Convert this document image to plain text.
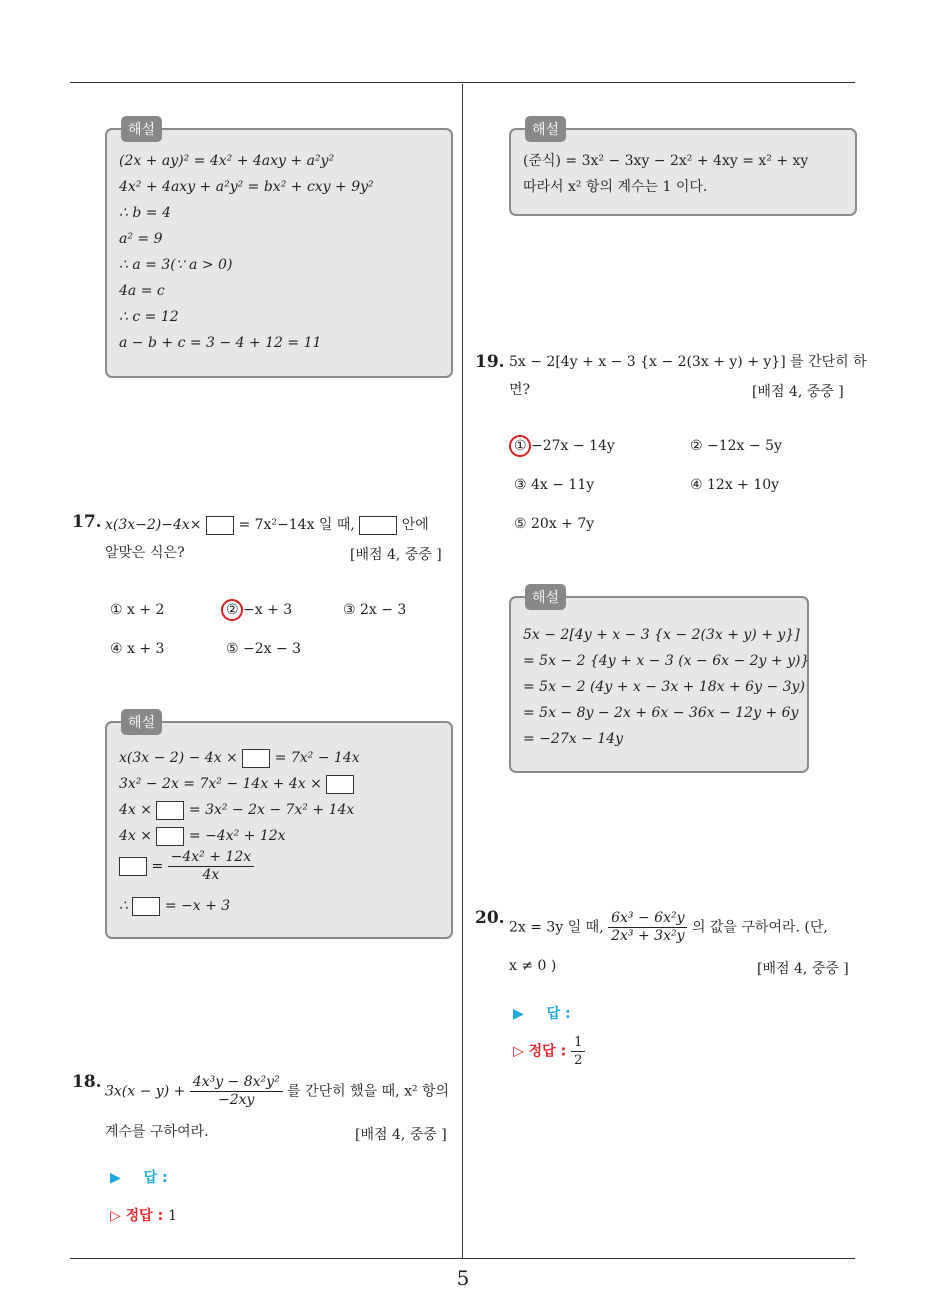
5
해설
(2x + ay)² = 4x² + 4axy + a²y²
4x² + 4axy + a²y² = bx² + cxy + 9y²
∴ b = 4
a² = 9
∴ a = 3(∵ a > 0)
4a = c
∴ c = 12
a − b + c = 3 − 4 + 12 = 11
17. x(3x−2)−4x×	= 7x²−14x 일 때,	안에
알맞은 식은?	[배점 4, 중중 ]
① x + 2	② −x + 3	③ 2x − 3
④ x + 3	⑤ −2x − 3
해설
x(3x − 2) − 4x ×	= 7x² − 14x
3x² − 2x = 7x² − 14x + 4x ×
4x ×	= 3x² − 2x − 7x² + 14x
4x ×	= −4x² + 12x
= $\frac{\text{−4x² + 12x}}{4x}$
∴	= −x + 3
18. $3x(x - y) + \frac{\text{4x³y − 8x²y²}}{-2xy}$ 를 간단히 했을 때, x² 항의
계수를 구하여라.	[배점 4, 중중 ]
▶ 답 :
▷ 정답 : 1
해설
(준식) = 3x² − 3xy − 2x² + 4xy = x² + xy
따라서 x² 항의 계수는 1 이다.
19. 5x − 2[4y + x − 3 {x − 2(3x + y) + y}] 를 간단히 하
면?	[배점 4, 중중 ]
① −27x − 14y	② −12x − 5y
③ 4x − 11y	④ 12x + 10y
⑤ 20x + 7y
해설
5x − 2[4y + x − 3 {x − 2(3x + y) + y}]
= 5x − 2 {4y + x − 3 (x − 6x − 2y + y)}
= 5x − 2 (4y + x − 3x + 18x + 6y − 3y)
= 5x − 8y − 2x + 6x − 36x − 12y + 6y
= −27x − 14y
20. 2x = 3y 일 때, $\frac{\text{6x³ − 6x²y}}{\text{2x³ + 3x²y}}$ 의 값을 구하여라. (단,
x ≠ 0 )	[배점 4, 중중 ]
▶ 답 :
▷ 정답 : $\frac{1}{2}$
